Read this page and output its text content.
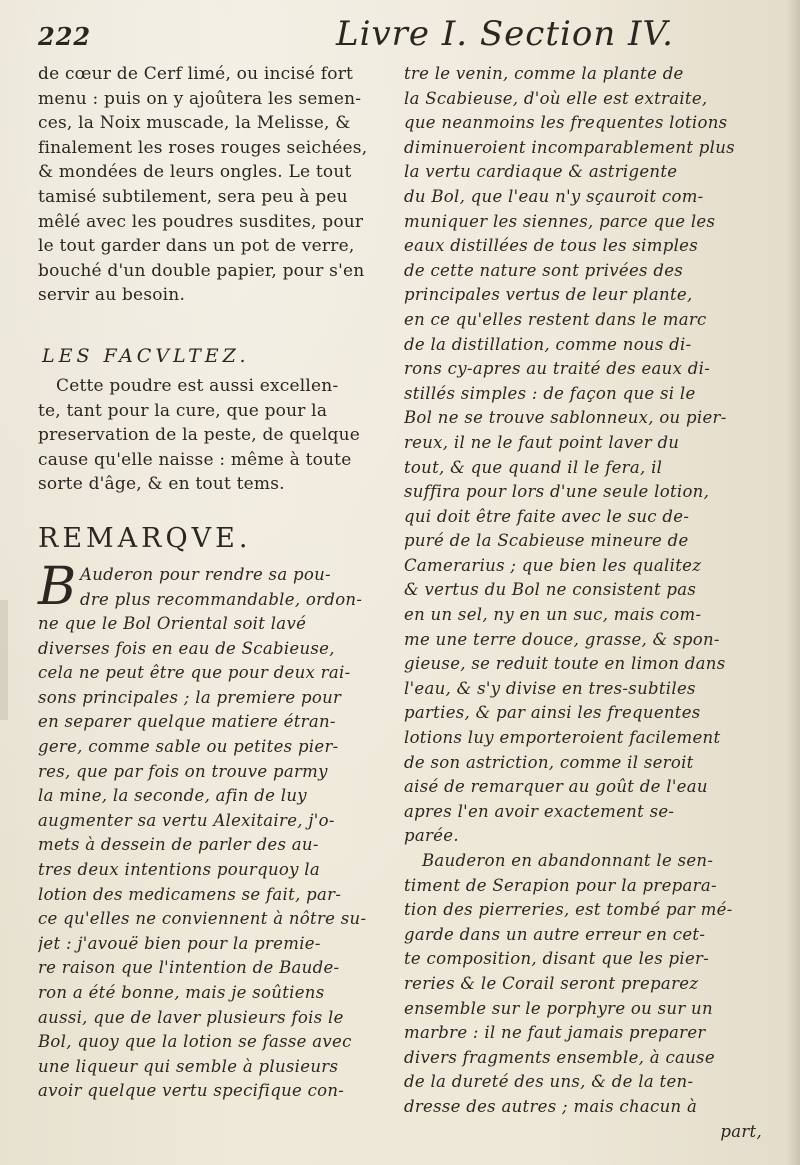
222	Livre I. Section IV.
de cœur de Cerf limé, ou incisé fort
menu : puis on y ajoûtera les semen-
ces, la Noix muscade, la Melisse, &
finalement les roses rouges seichées,
& mondées de leurs ongles. Le tout
tamisé subtilement, sera peu à peu
mêlé avec les poudres susdites, pour
le tout garder dans un pot de verre,
bouché d'un double papier, pour s'en
servir au besoin.
LES FACVLTEZ.
Cette poudre est aussi excellen-
te, tant pour la cure, que pour la
preservation de la peste, de quelque
cause qu'elle naisse : même à toute
sorte d'âge, & en tout tems.
REMARQVE.
B Auderon pour rendre sa pou-
dre plus recommandable, ordon-
ne que le Bol Oriental soit lavé
diverses fois en eau de Scabieuse,
cela ne peut être que pour deux rai-
sons principales ; la premiere pour
en separer quelque matiere étran-
gere, comme sable ou petites pier-
res, que par fois on trouve parmy
la mine, la seconde, afin de luy
augmenter sa vertu Alexitaire, j'o-
mets à dessein de parler des au-
tres deux intentions pourquoy la
lotion des medicamens se fait, par-
ce qu'elles ne conviennent à nôtre su-
jet : j'avouë bien pour la premie-
re raison que l'intention de Baude-
ron a été bonne, mais je soûtiens
aussi, que de laver plusieurs fois le
Bol, quoy que la lotion se fasse avec
une liqueur qui semble à plusieurs
avoir quelque vertu specifique con-
tre le venin, comme la plante de
la Scabieuse, d'où elle est extraite,
que neanmoins les frequentes lotions
diminueroient incomparablement plus
la vertu cardiaque & astrigente
du Bol, que l'eau n'y sçauroit com-
muniquer les siennes, parce que les
eaux distillées de tous les simples
de cette nature sont privées des
principales vertus de leur plante,
en ce qu'elles restent dans le marc
de la distillation, comme nous di-
rons cy-apres au traité des eaux di-
stillés simples : de façon que si le
Bol ne se trouve sablonneux, ou pier-
reux, il ne le faut point laver du
tout, & que quand il le fera, il
suffira pour lors d'une seule lotion,
qui doit être faite avec le suc de-
puré de la Scabieuse mineure de
Camerarius ; que bien les qualitez
& vertus du Bol ne consistent pas
en un sel, ny en un suc, mais com-
me une terre douce, grasse, & spon-
gieuse, se reduit toute en limon dans
l'eau, & s'y divise en tres-subtiles
parties, & par ainsi les frequentes
lotions luy emporteroient facilement
de son astriction, comme il seroit
aisé de remarquer au goût de l'eau
apres l'en avoir exactement se-
parée.
Bauderon en abandonnant le sen-
timent de Serapion pour la prepara-
tion des pierreries, est tombé par mé-
garde dans un autre erreur en cet-
te composition, disant que les pier-
reries & le Corail seront preparez
ensemble sur le porphyre ou sur un
marbre : il ne faut jamais preparer
divers fragments ensemble, à cause
de la dureté des uns, & de la ten-
dresse des autres ; mais chacun à
part,
